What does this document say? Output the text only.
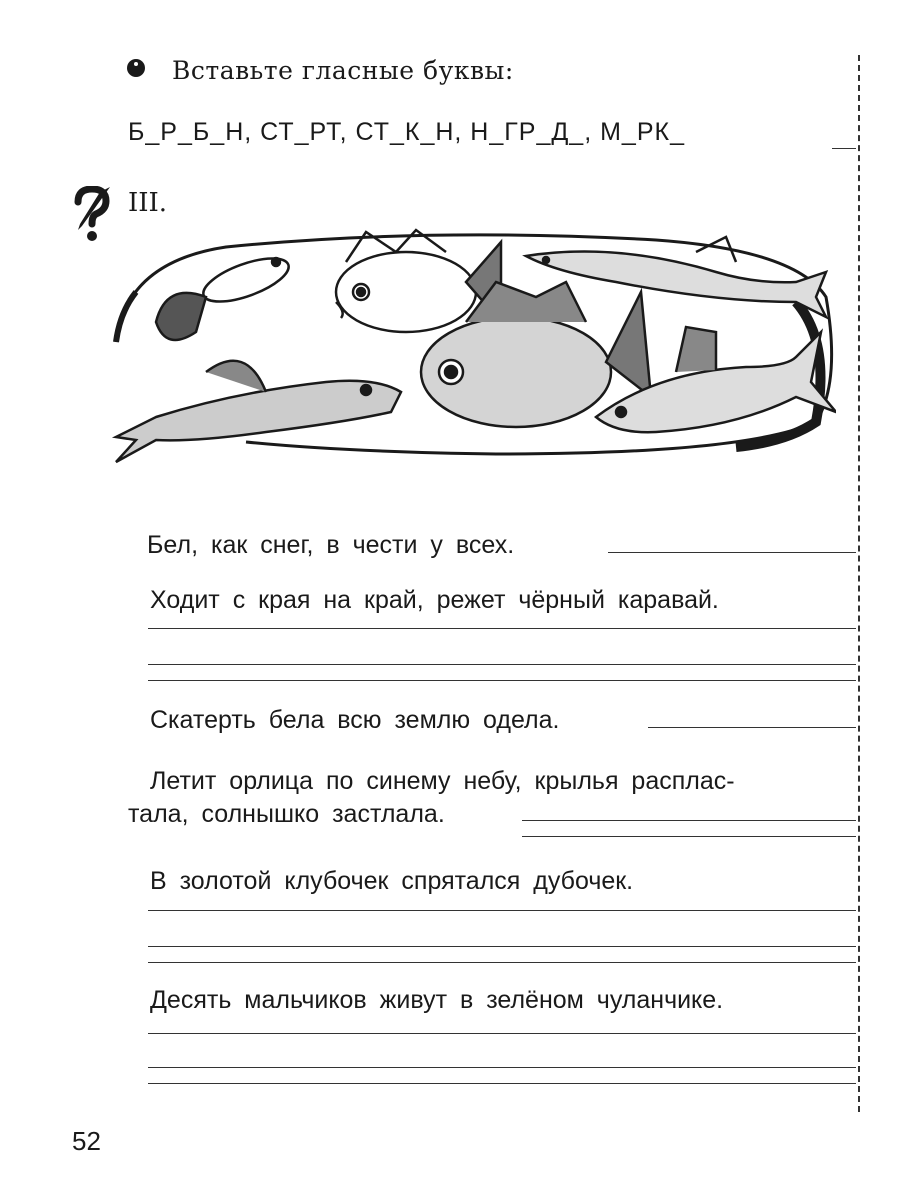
Вставьте гласные буквы:
Б_Р_Б_Н, СТ_РТ, СТ_К_Н, Н_ГР_Д_, М_РК_
III.
Бел, как снег, в чести у всех.
Ходит с края на край, режет чёрный каравай.
Скатерть бела всю землю одела.
Летит орлица по синему небу, крылья расплас-
тала, солнышко застлала.
В золотой клубочек спрятался дубочек.
Десять мальчиков живут в зелёном чуланчике.
52
